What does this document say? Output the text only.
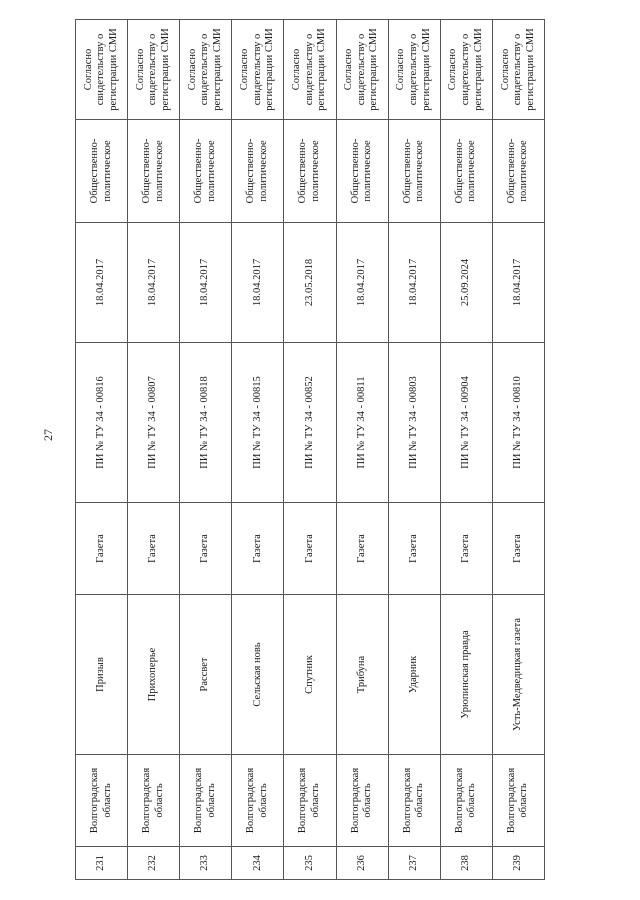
27
231	Волгоградская область	Призыв	Газета	ПИ № ТУ 34 - 00816	18.04.2017	Общественно-политическое	Согласно свидетельству о регистрации СМИ
232	Волгоградская область	Прихоперье	Газета	ПИ № ТУ 34 - 00807	18.04.2017	Общественно-политическое	Согласно свидетельству о регистрации СМИ
233	Волгоградская область	Рассвет	Газета	ПИ № ТУ 34 - 00818	18.04.2017	Общественно-политическое	Согласно свидетельству о регистрации СМИ
234	Волгоградская область	Сельская новь	Газета	ПИ № ТУ 34 - 00815	18.04.2017	Общественно-политическое	Согласно свидетельству о регистрации СМИ
235	Волгоградская область	Спутник	Газета	ПИ № ТУ 34 - 00852	23.05.2018	Общественно-политическое	Согласно свидетельству о регистрации СМИ
236	Волгоградская область	Трибуна	Газета	ПИ № ТУ 34 - 00811	18.04.2017	Общественно-политическое	Согласно свидетельству о регистрации СМИ
237	Волгоградская область	Ударник	Газета	ПИ № ТУ 34 - 00803	18.04.2017	Общественно-политическое	Согласно свидетельству о регистрации СМИ
238	Волгоградская область	Урюпинская правда	Газета	ПИ № ТУ 34 - 00904	25.09.2024	Общественно-политическое	Согласно свидетельству о регистрации СМИ
239	Волгоградская область	Усть-Медведицкая газета	Газета	ПИ № ТУ 34 - 00810	18.04.2017	Общественно-политическое	Согласно свидетельству о регистрации СМИ
